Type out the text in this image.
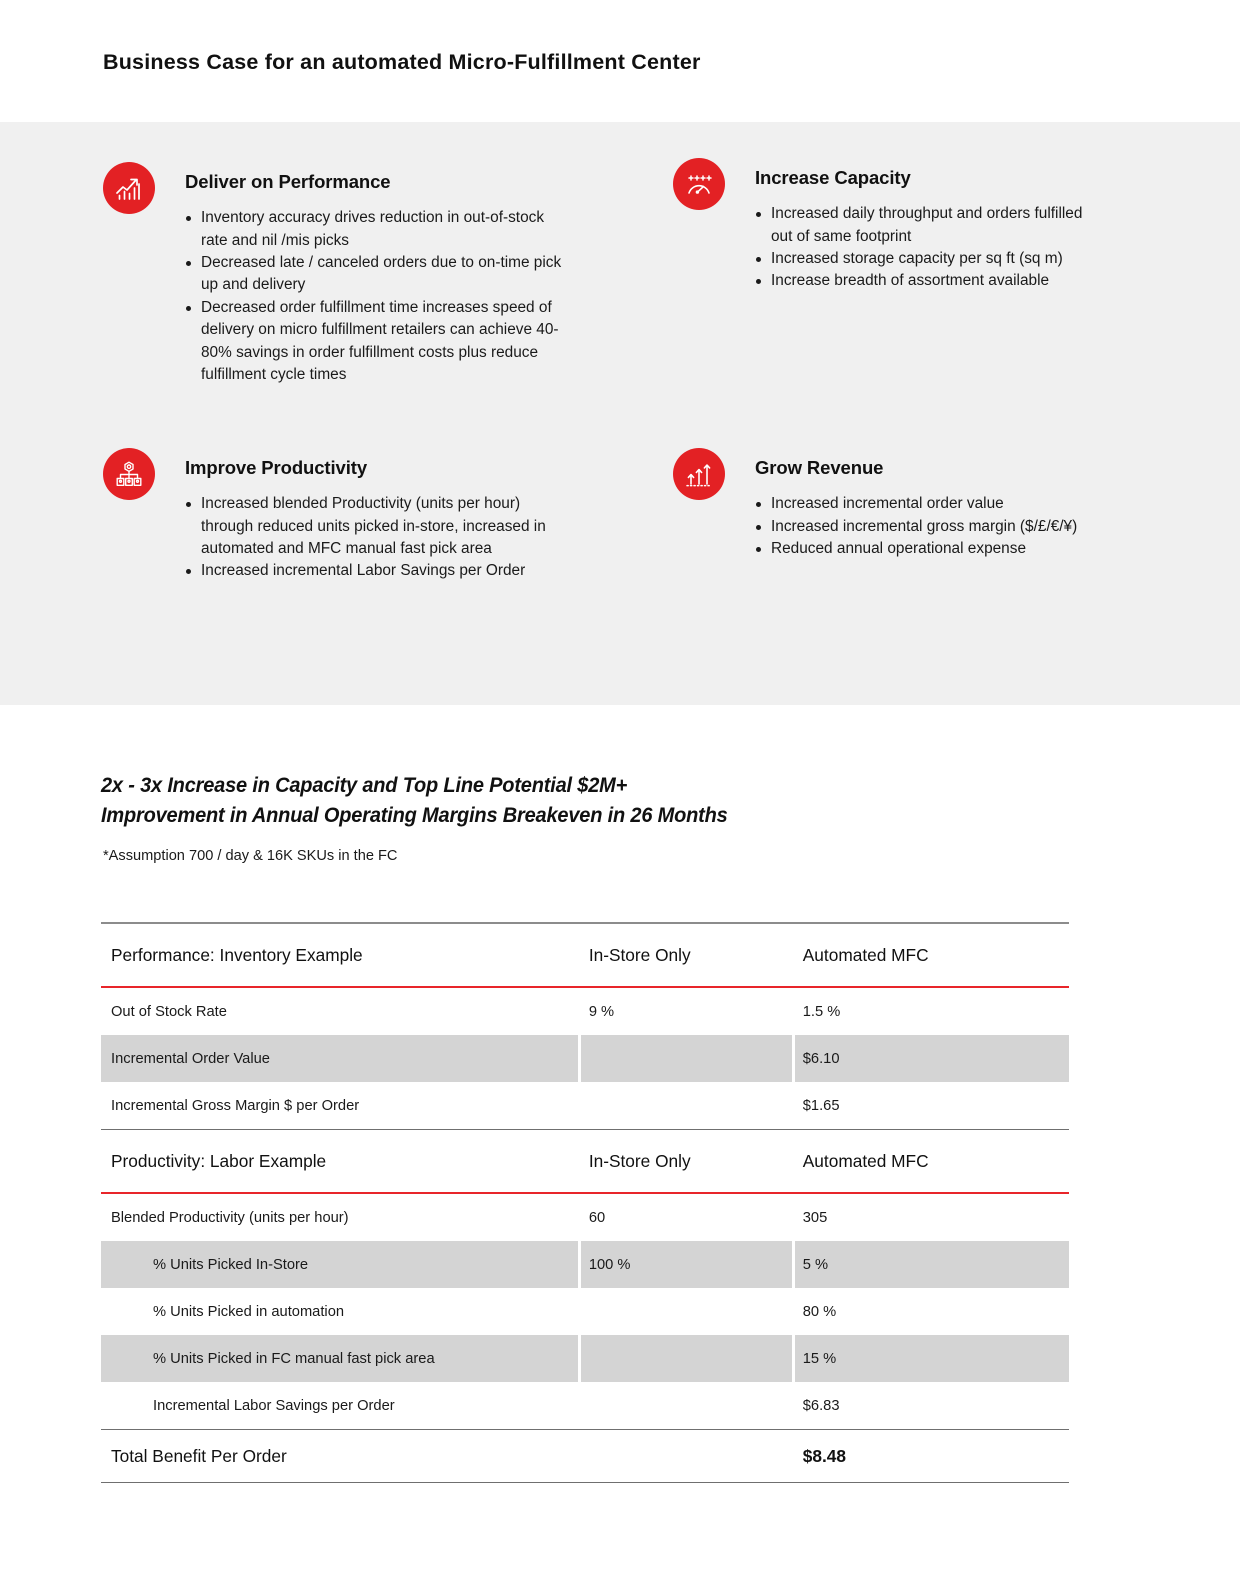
Business Case for an automated Micro-Fulfillment Center
Deliver on Performance
Inventory accuracy drives reduction in out-of-stock rate and nil /mis picks
Decreased late / canceled orders due to on-time pick up and delivery
Decreased order fulfillment time increases speed of delivery on micro fulfillment retailers can achieve 40-80% savings in order fulfillment costs plus reduce fulfillment cycle times
Increase Capacity
Increased daily throughput and orders fulfilled out of same footprint
Increased storage capacity per sq ft (sq m)
Increase breadth of assortment available
Improve Productivity
Increased blended Productivity (units per hour) through reduced units picked in-store, increased in automated and MFC manual fast pick area
Increased incremental Labor Savings per Order
Grow Revenue
Increased incremental order value
Increased incremental gross margin ($/£/€/¥)
Reduced annual operational expense
2x - 3x Increase in Capacity and Top Line Potential $2M+
Improvement in Annual Operating Margins Breakeven in 26 Months
*Assumption 700 / day & 16K SKUs in the FC
Performance: Inventory Example	In-Store Only	Automated MFC
Out of Stock Rate	9 %	1.5 %
Incremental Order Value		$6.10
Incremental Gross Margin $ per Order		$1.65
Productivity: Labor Example	In-Store Only	Automated MFC
Blended Productivity (units per hour)	60	305
% Units Picked In-Store	100 %	5 %
% Units Picked in automation		80 %
% Units Picked in FC manual fast pick area		15 %
Incremental Labor Savings per Order		$6.83
Total Benefit Per Order		$8.48
